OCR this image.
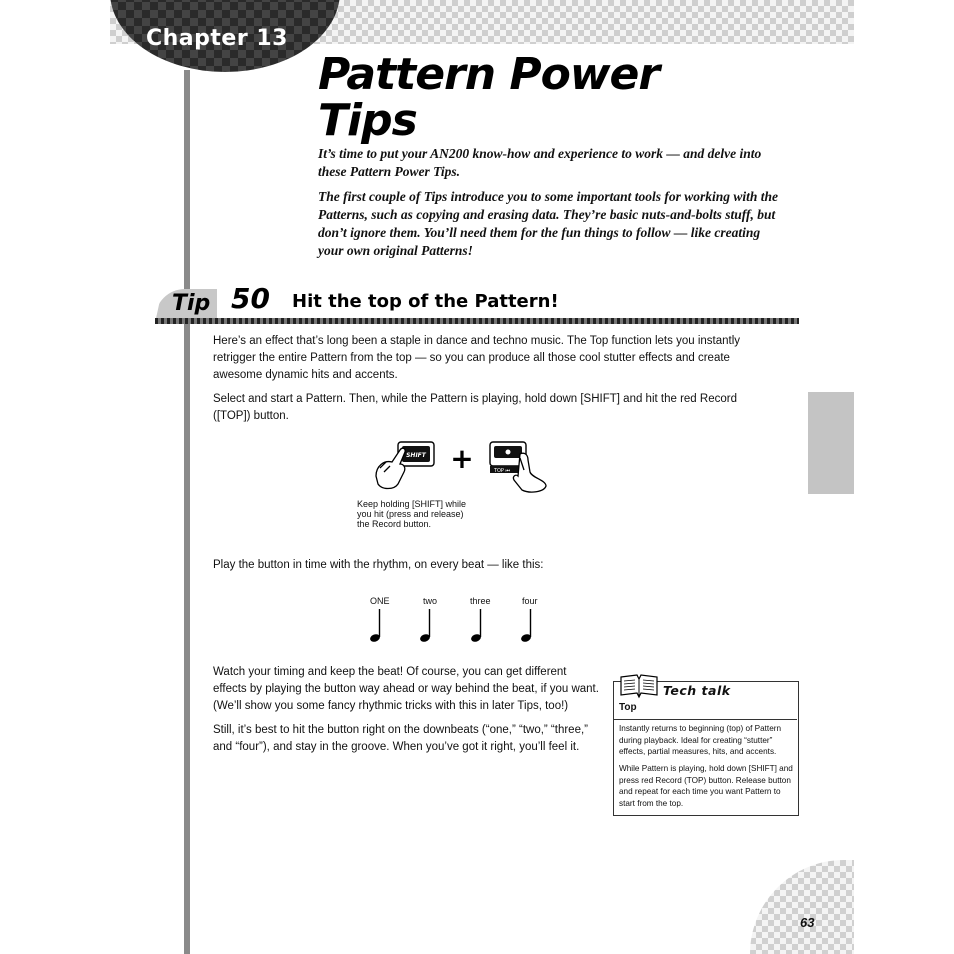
Chapter 13
Pattern Power
Tips
It’s time to put your AN200 know-how and experience to work — and delve into these Pattern Power Tips.
The first couple of Tips introduce you to some important tools for working with the Patterns, such as copying and erasing data. They’re basic nuts-and-bolts stuff, but don’t ignore them. You’ll need them for the fun things to follow — like creating your own original Patterns!
Tip 50 Hit the top of the Pattern!
Here’s an effect that’s long been a staple in dance and techno music. The Top function lets you instantly retrigger the entire Pattern from the top — so you can produce all those cool stutter effects and create awesome dynamic hits and accents.
Select and start a Pattern. Then, while the Pattern is playing, hold down [SHIFT] and hit the red Record ([TOP]) button.
SHIFT +	TOP ⏮
Keep holding [SHIFT] while you hit (press and release) the Record button.
Play the button in time with the rhythm, on every beat — like this:
ONE	two	three	four
Watch your timing and keep the beat! Of course, you can get different effects by playing the button way ahead or way behind the beat, if you want. (We’ll show you some fancy rhythmic tricks with this in later Tips, too!)
Still, it’s best to hit the button right on the downbeats (“one,” “two,” “three,” and “four”), and stay in the groove. When you’ve got it right, you’ll feel it.
Tech talk
Top
Instantly returns to beginning (top) of Pattern during playback. Ideal for creating “stutter” effects, partial measures, hits, and accents.
While Pattern is playing, hold down [SHIFT] and press red Record (TOP) button. Release button and repeat for each time you want Pattern to start from the top.
63
